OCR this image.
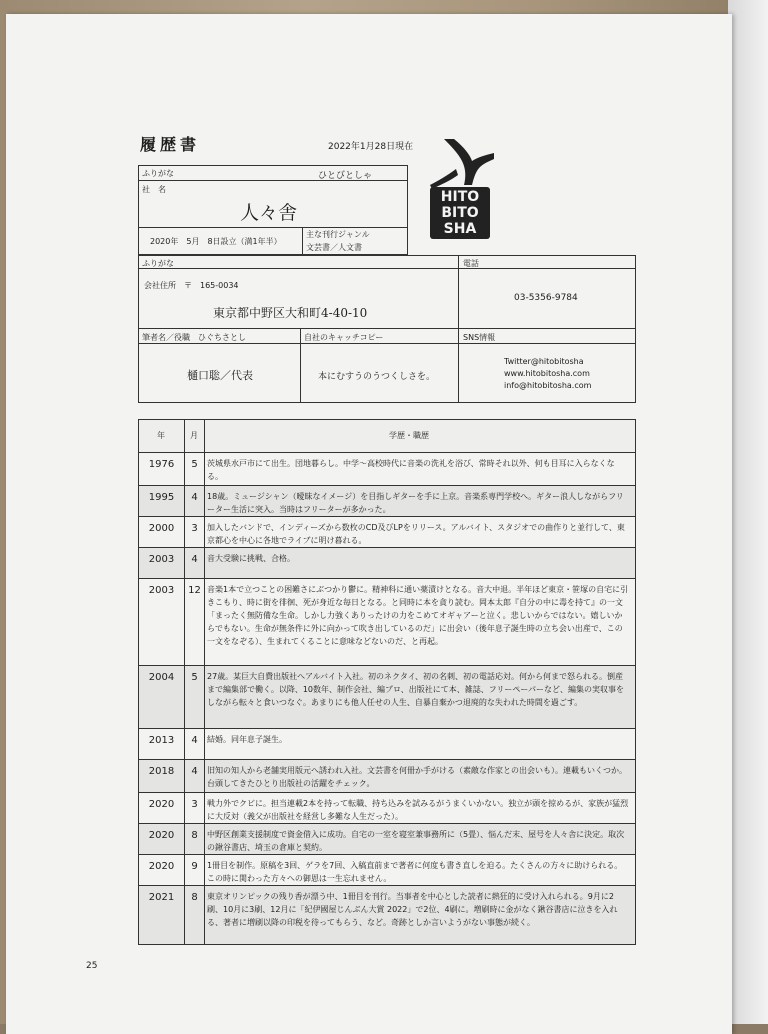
履歴書	2022年1月28日現在
HITO
BITO
SHA
ふりがな	ひとびとしゃ
社　名
人々舎
2020年　5月　8日設立（満1年半）
主な刊行ジャンル
文芸書／人文書
ふりがな
会社住所　〒　165-0034
東京都中野区大和町4-40-10
電話
03-5356-9784
筆者名／役職　ひぐちさとし
樋口聡／代表
自社のキャッチコピー
本にむすうのうつくしさを。
SNS情報
Twitter@hitobitosha
www.hitobitosha.com
info@hitobitosha.com
年	月	学歴・職歴
1976	5	茨城県水戸市にて出生。団地暮らし。中学～高校時代に音楽の洗礼を浴び、常時それ以外、何も目耳に入らなくなる。
1995	4	18歳。ミュージシャン（曖昧なイメージ）を目指しギターを手に上京。音楽系専門学校へ。ギター浪人しながらフリーター生活に突入。当時はフリーターが多かった。
2000	3	加入したバンドで、インディーズから数枚のCD及びLPをリリース。アルバイト、スタジオでの曲作りと並行して、東京都心を中心に各地でライブに明け暮れる。
2003	4	音大受験に挑戦、合格。
2003	12 音楽1本で立つことの困難さにぶつかり鬱に。精神科に通い薬漬けとなる。音大中退。半年ほど東京・笹塚の自宅に引きこもり、時に街を徘徊、死が身近な毎日となる。と同時に本を貪り読む。岡本太郎『自分の中に毒を持て』の一文「まったく無防備な生命。しかし力強くありったけの力をこめてオギャアーと泣く。悲しいからではない。嬉しいからでもない。生命が無条件に外に向かって吹き出しているのだ」に出会い（後年息子誕生時の立ち会い出産で、この一文をなぞる）、生まれてくることに意味などないのだ、と再起。
2004	5	27歳。某巨大自費出版社へアルバイト入社。初のネクタイ、初の名刺、初の電話応対。何から何まで怒られる。倒産まで編集部で働く。以降、10数年、制作会社、編プロ、出版社にて本、雑誌、フリーペーパーなど、編集の実収事をしながら転々と食いつなぐ。あまりにも他人任せの人生、自暴自棄かつ退廃的な失われた時間を過ごす。
2013	4	結婚。同年息子誕生。
2018	4	旧知の知人から老舗実用版元へ誘われ入社。文芸書を何冊か手がける（素敵な作家との出会いも）。連載もいくつか。台頭してきたひとり出版社の活躍をチェック。
2020	3	戦力外でクビに。担当連載2本を持って転職、持ち込みを試みるがうまくいかない。独立が頭を掠めるが、家族が猛烈に大反対（義父が出版社を経営し多難な人生だった）。
2020	8	中野区創業支援制度で資金借入に成功。自宅の一室を寝室兼事務所に（5畳）、悩んだ末、屋号を人々舎に決定。取次の鍬谷書店、埼玉の倉庫と契約。
2020	9	1冊目を制作。原稿を3回、ゲラを7回、入稿直前まで著者に何度も書き直しを迫る。たくさんの方々に助けられる。この時に関わった方々への御恩は一生忘れません。
2021	8	東京オリンピックの残り香が漂う中、1冊目を刊行。当事者を中心とした読者に熱狂的に受け入れられる。9月に2刷、10月に3刷、12月に「紀伊國屋じんぶん大賞 2022」で2位、4刷に。増刷時に金がなく鍬谷書店に泣きを入れる、著者に増刷以降の印税を待ってもらう、など。奇跡としか言いようがない事態が続く。
25
